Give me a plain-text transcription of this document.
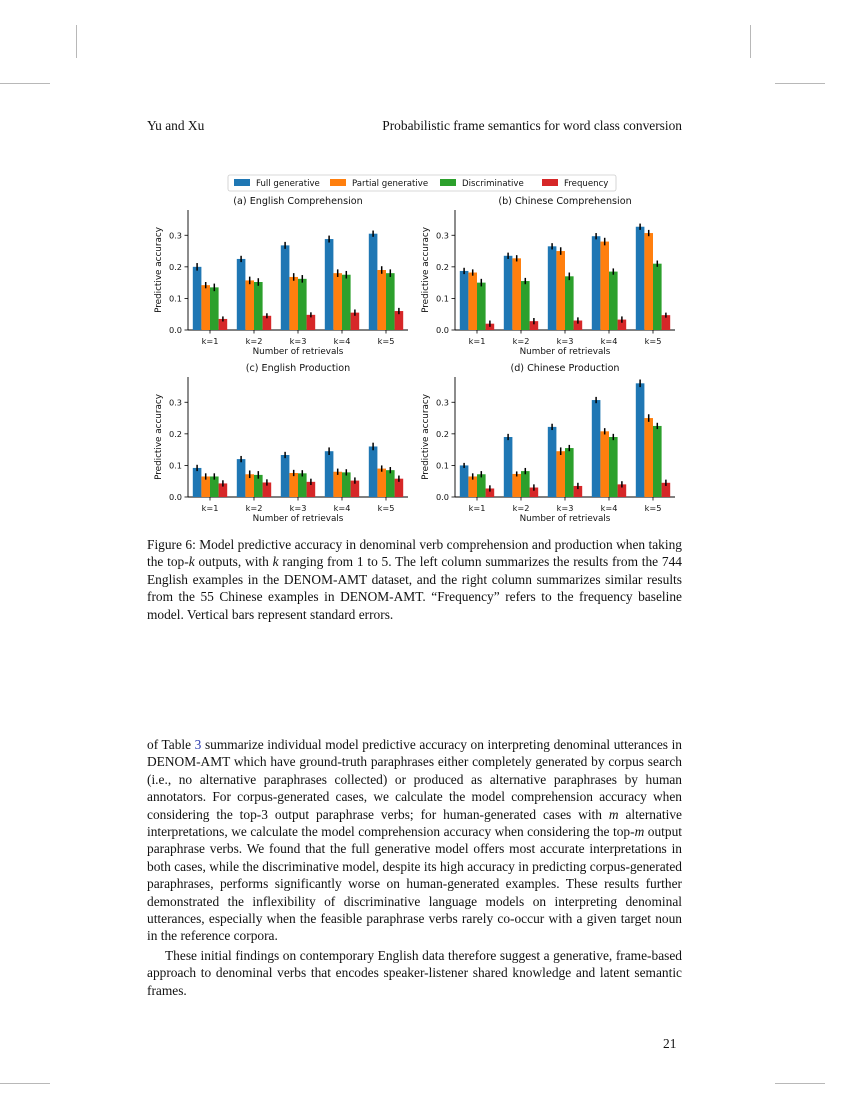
Yu and Xu	Probabilistic frame semantics for word class conversion
Full generative	Partial generative	Discriminative	Frequency
(a) English Comprehension
0.0
0.1
0.2
0.3
Predictive accuracy
k=1	k=2	k=3	k=4	k=5
Number of retrievals
(b) Chinese Comprehension
0.0
0.1
0.2
0.3
Predictive accuracy
k=1	k=2	k=3	k=4	k=5
Number of retrievals
(c) English Production
0.0
0.1
0.2
0.3
Predictive accuracy
k=1	k=2	k=3	k=4	k=5
Number of retrievals
(d) Chinese Production
0.0
0.1
0.2
0.3
Predictive accuracy
k=1	k=2	k=3	k=4	k=5
Number of retrievals

Figure 6: Model predictive accuracy in denominal verb comprehension and production when taking the top-k outputs, with k ranging from 1 to 5. The left column summarizes the results from the 744 English examples in the DENOM-AMT dataset, and the right column summarizes similar results from the 55 Chinese examples in DENOM-AMT. “Frequency” refers to the frequency baseline model. Vertical bars represent standard errors.

of Table 3 summarize individual model predictive accuracy on interpreting denominal utterances in DENOM-AMT which have ground-truth paraphrases either completely generated by corpus search (i.e., no alternative paraphrases collected) or produced as alternative paraphrases by human annotators. For corpus-generated cases, we calculate the model comprehension accuracy when considering the top-3 output paraphrase verbs; for human-generated cases with m alternative interpretations, we calculate the model comprehension accuracy when considering the top-m output paraphrase verbs. We found that the full generative model offers most accurate interpretations in both cases, while the discriminative model, despite its high accuracy in predicting corpus-generated paraphrases, performs significantly worse on human-generated examples. These results further demonstrated the inflexibility of discriminative language models on interpreting denominal utterances, especially when the feasible paraphrase verbs rarely co-occur with a given target noun in the reference corpora.

These initial findings on contemporary English data therefore suggest a generative, frame-based approach to denominal verbs that encodes speaker-listener shared knowledge and latent semantic frames.

21
